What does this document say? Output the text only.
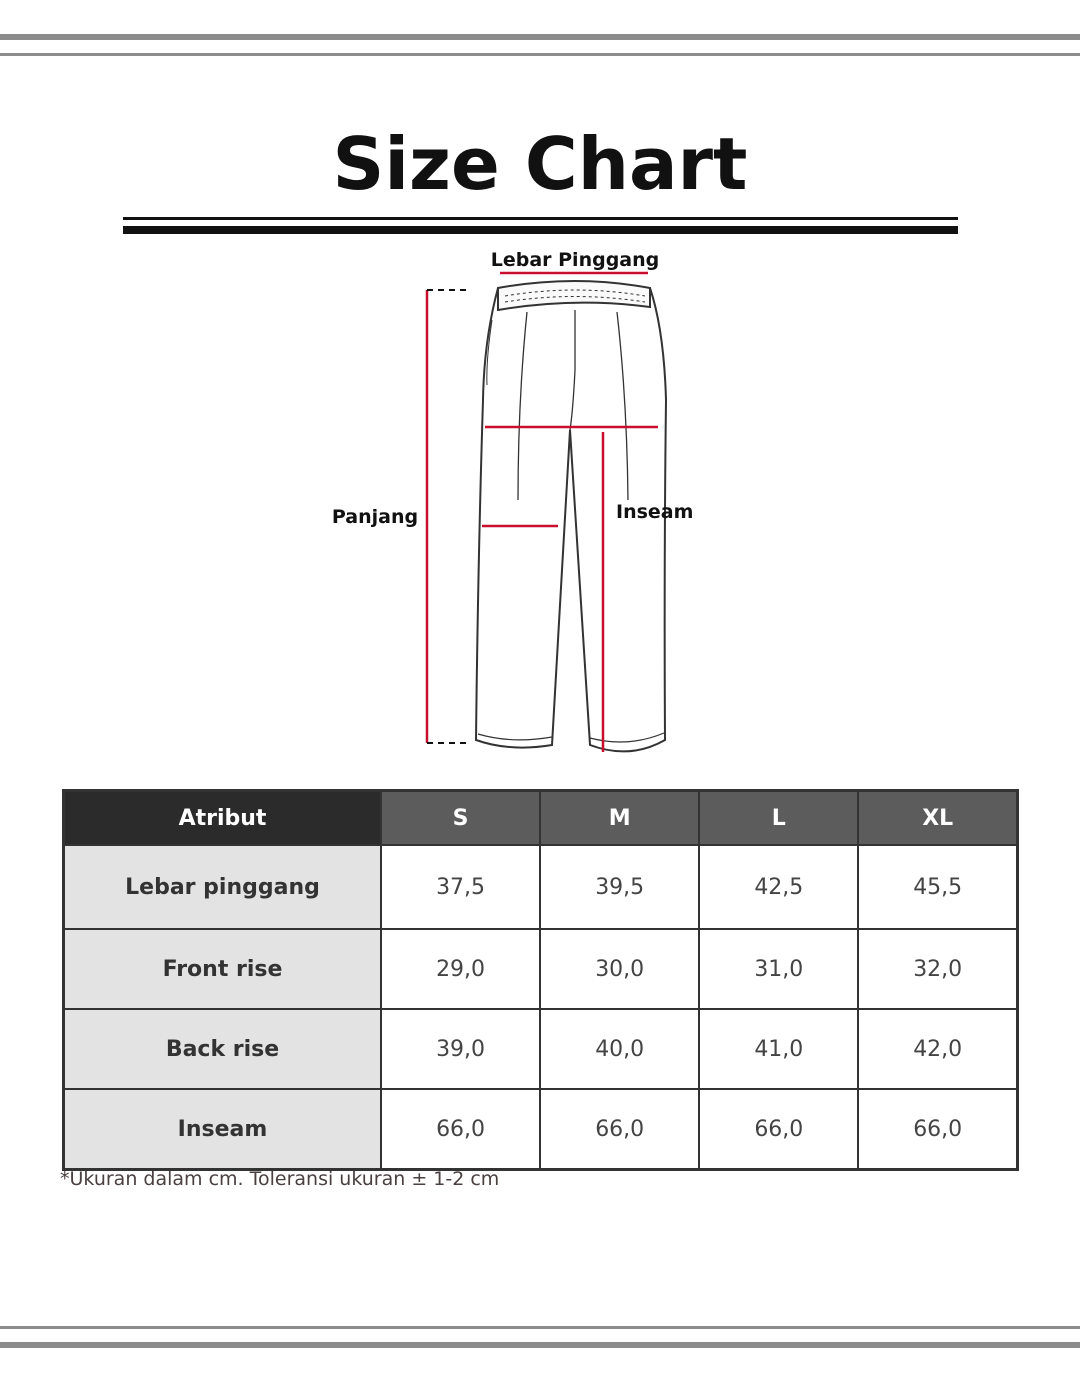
Size Chart
Lebar Pinggang
Panjang	Inseam
Atribut	S	M	L	XL
Lebar pinggang	37,5	39,5	42,5	45,5
Front rise	29,0	30,0	31,0	32,0
Back rise	39,0	40,0	41,0	42,0
Inseam	66,0	66,0	66,0	66,0
*Ukuran dalam cm. Toleransi ukuran ± 1-2 cm
